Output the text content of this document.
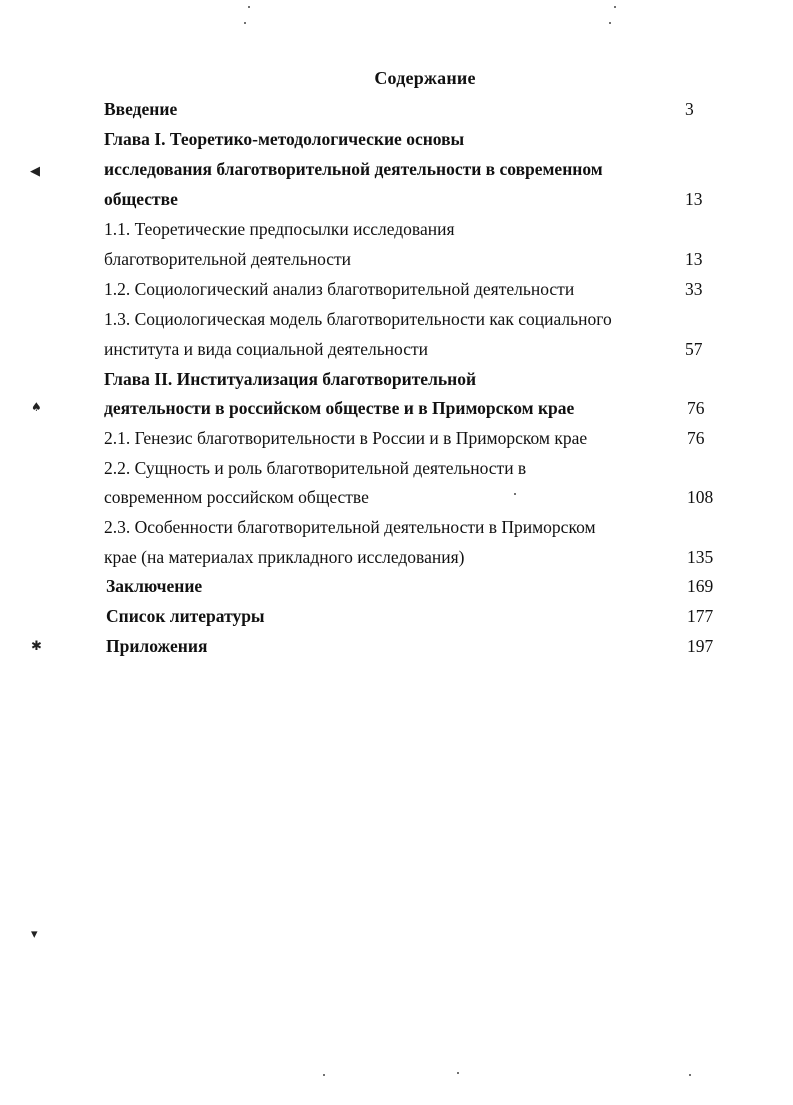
Содержание
Введение	3
Глава I. Теоретико-методологические основы
исследования благотворительной деятельности в современном
обществе	13
1.1. Теоретические предпосылки исследования
благотворительной деятельности	13
1.2. Социологический анализ благотворительной деятельности	33
1.3. Социологическая модель благотворительности как социального
института и вида социальной деятельности	57
Глава II. Институализация благотворительной
деятельности в российском обществе и в Приморском крае	76
2.1. Генезис благотворительности в России и в Приморском крае	76
2.2. Сущность и роль благотворительной деятельности в
современном российском обществе	108
2.3. Особенности благотворительной деятельности в Приморском
крае (на материалах прикладного исследования)	135
Заключение	169
Список литературы	177
Приложения	197
◀
♠
✱
▾
